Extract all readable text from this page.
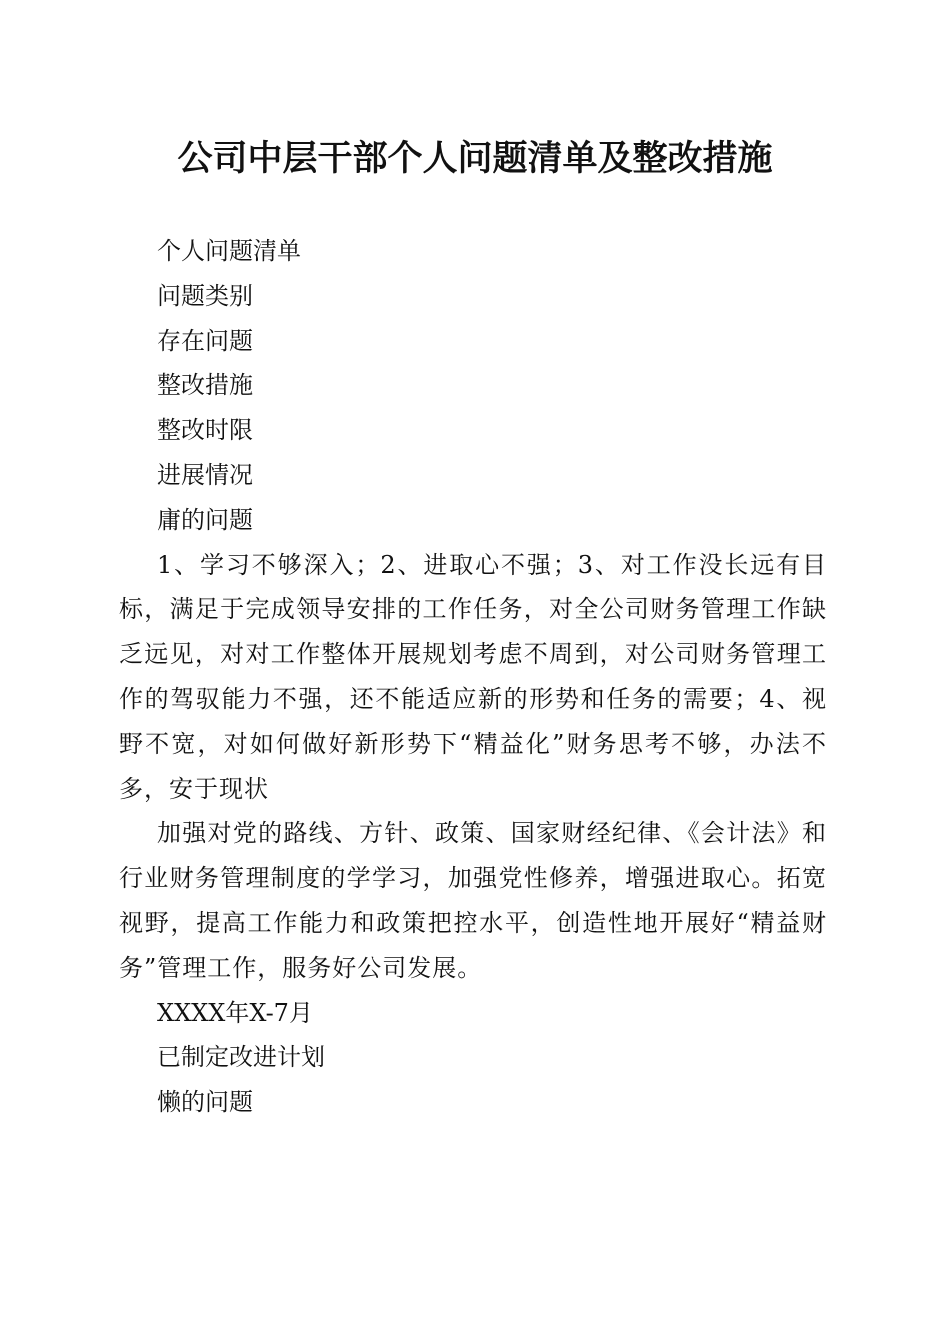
公司中层干部个人问题清单及整改措施

个人问题清单

问题类别

存在问题

整改措施

整改时限

进展情况

庸的问题

1、学习不够深入；2、进取心不强；3、对工作没长远有目标，满足于完成领导安排的工作任务，对全公司财务管理工作缺乏远见，对对工作整体开展规划考虑不周到，对公司财务管理工作的驾驭能力不强，还不能适应新的形势和任务的需要；4、视野不宽，对如何做好新形势下“精益化”财务思考不够，办法不多，安于现状

加强对党的路线、方针、政策、国家财经纪律、《会计法》和行业财务管理制度的学学习，加强党性修养，增强进取心。拓宽视野，提高工作能力和政策把控水平，创造性地开展好“精益财务”管理工作，服务好公司发展。

XXXX年X-7月

已制定改进计划

懒的问题
